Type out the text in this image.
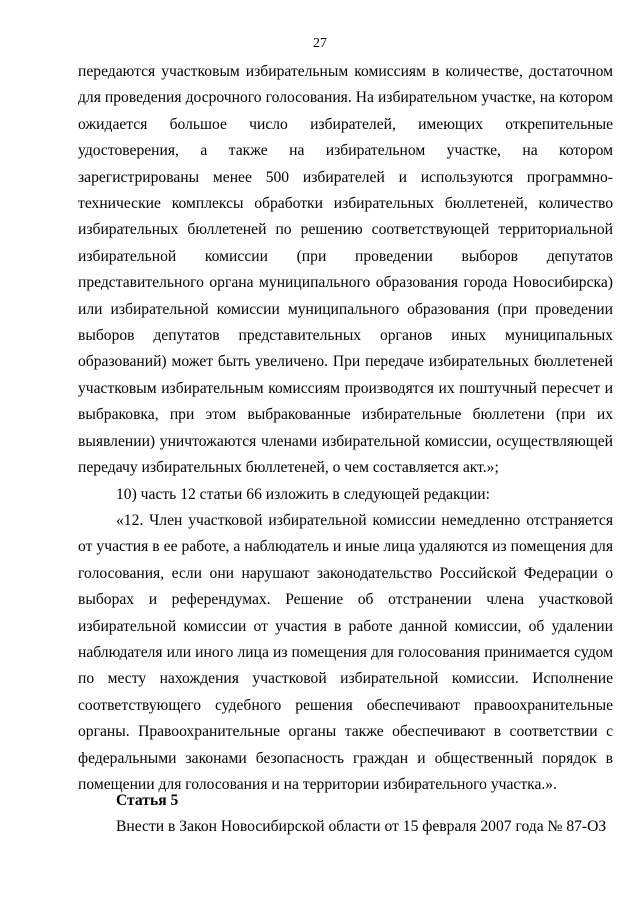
27

передаются участковым избирательным комиссиям в количестве, достаточном для проведения досрочного голосования. На избирательном участке, на котором ожидается большое число избирателей, имеющих открепительные удостоверения, а также на избирательном участке, на котором зарегистрированы менее 500 избирателей и используются программно-технические комплексы обработки избирательных бюллетеней, количество избирательных бюллетеней по решению соответствующей территориальной избирательной комиссии (при проведении выборов депутатов представительного органа муниципального образования города Новосибирска) или избирательной комиссии муниципального образования (при проведении выборов депутатов представительных органов иных муниципальных образований) может быть увеличено. При передаче избирательных бюллетеней участковым избирательным комиссиям производятся их поштучный пересчет и выбраковка, при этом выбракованные избирательные бюллетени (при их выявлении) уничтожаются членами избирательной комиссии, осуществляющей передачу избирательных бюллетеней, о чем составляется акт.»;

10) часть 12 статьи 66 изложить в следующей редакции:

«12. Член участковой избирательной комиссии немедленно отстраняется от участия в ее работе, а наблюдатель и иные лица удаляются из помещения для голосования, если они нарушают законодательство Российской Федерации о выборах и референдумах. Решение об отстранении члена участковой избирательной комиссии от участия в работе данной комиссии, об удалении наблюдателя или иного лица из помещения для голосования принимается судом по месту нахождения участковой избирательной комиссии. Исполнение соответствующего судебного решения обеспечивают правоохранительные органы. Правоохранительные органы также обеспечивают в соответствии с федеральными законами безопасность граждан и общественный порядок в помещении для голосования и на территории избирательного участка.».

Статья 5
Внести в Закон Новосибирской области от 15 февраля 2007 года № 87-ОЗ
